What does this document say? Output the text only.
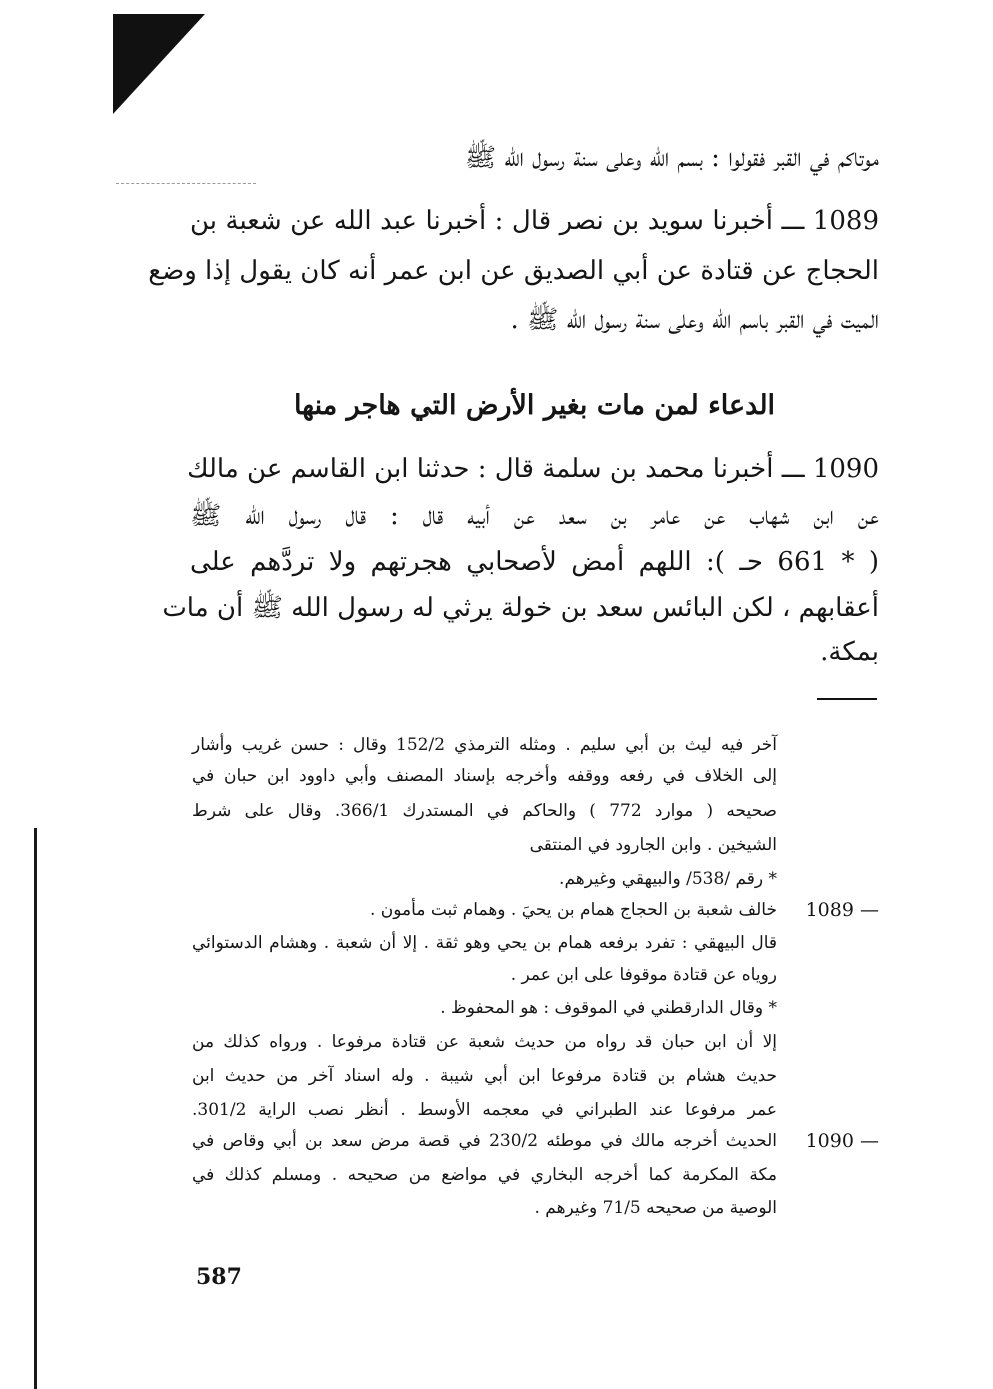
موتاكم في القبر فقولوا : بسم الله وعلى سنة رسول الله ﷺ
1089 ـــ أخبرنا سويد بن نصر قال : أخبرنا عبد الله عن شعبة بن
الحجاج عن قتادة عن أبي الصديق عن ابن عمر أنه كان يقول إذا وضع
الميت في القبر باسم الله وعلى سنة رسول الله ﷺ .
الدعاء لمن مات بغير الأرض التي هاجر منها
1090 ـــ أخبرنا محمد بن سلمة قال : حدثنا ابن القاسم عن مالك
عن ابن شهاب عن عامر بن سعد عن أبيه قال : قال رسول الله ﷺ
( * 661 حـ ): اللهم أمض لأصحابي هجرتهم ولا تردَّهم على
أعقابهم ، لكن البائس سعد بن خولة يرثي له رسول الله ﷺ أن مات
بمكة.
آخر فيه ليث بن أبي سليم . ومثله الترمذي 152/2 وقال : حسن غريب وأشار
إلى الخلاف في رفعه ووقفه وأخرجه بإسناد المصنف وأبي داوود ابن حبان في
صحيحه ( موارد 772 ) والحاكم في المستدرك 366/1. وقال على شرط
الشيخين . وابن الجارود في المنتقى
* رقم /538/ والبيهقي وغيرهم.
1089 —
خالف شعبة بن الحجاج همام بن يحيَ . وهمام ثبت مأمون .
قال البيهقي : تفرد برفعه همام بن يحي وهو ثقة . إلا أن شعبة . وهشام الدستوائي
روياه عن قتادة موقوفا على ابن عمر .
* وقال الدارقطني في الموقوف : هو المحفوظ .
إلا أن ابن حبان قد رواه من حديث شعبة عن قتادة مرفوعا . ورواه كذلك من
حديث هشام بن قتادة مرفوعا ابن أبي شيبة . وله اسناد آخر من حديث ابن
عمر مرفوعا عند الطبراني في معجمه الأوسط . أنظر نصب الراية 301/2.
1090 —
الحديث أخرجه مالك في موطئه 230/2 في قصة مرض سعد بن أبي وقاص في
مكة المكرمة كما أخرجه البخاري في مواضع من صحيحه . ومسلم كذلك في
الوصية من صحيحه 71/5 وغيرهم .
587
